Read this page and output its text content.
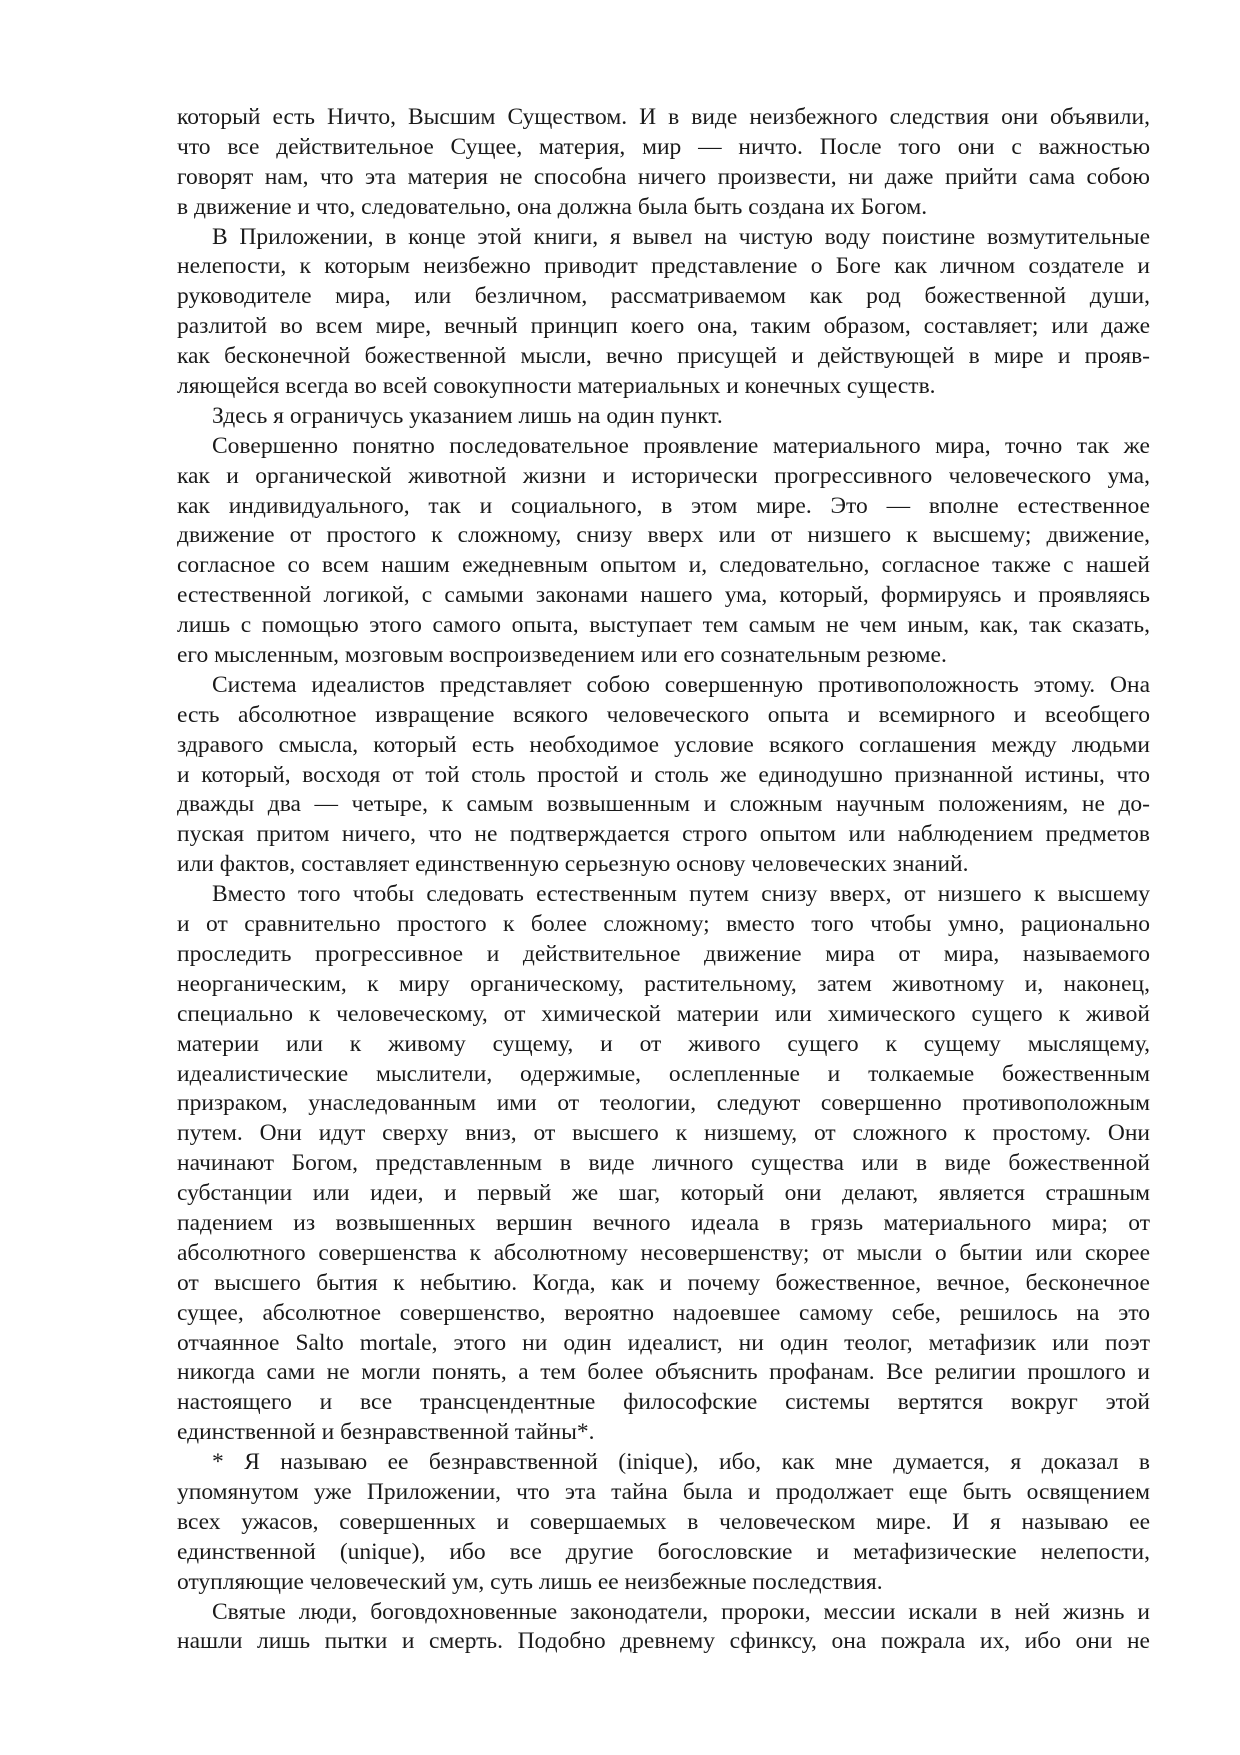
который есть Ничто, Высшим Существом. И в виде неизбежного следствия они объявили,
что все действительное Сущее, материя, мир — ничто. После того они с важностью
говорят нам, что эта материя не способна ничего произвести, ни даже прийти сама собою
в движение и что, следовательно, она должна была быть создана их Богом.
В Приложении, в конце этой книги, я вывел на чистую воду поистине возмутительные
нелепости, к которым неизбежно приводит представление о Боге как личном создателе и
руководителе мира, или безличном, рассматриваемом как род божественной души,
разлитой во всем мире, вечный принцип коего она, таким образом, составляет; или даже
как бесконечной божественной мысли, вечно присущей и действующей в мире и прояв-
ляющейся всегда во всей совокупности материальных и конечных существ.
Здесь я ограничусь указанием лишь на один пункт.
Совершенно понятно последовательное проявление материального мира, точно так же
как и органической животной жизни и исторически прогрессивного человеческого ума,
как индивидуального, так и социального, в этом мире. Это — вполне естественное
движение от простого к сложному, снизу вверх или от низшего к высшему; движение,
согласное со всем нашим ежедневным опытом и, следовательно, согласное также с нашей
естественной логикой, с самыми законами нашего ума, который, формируясь и проявляясь
лишь с помощью этого самого опыта, выступает тем самым не чем иным, как, так сказать,
его мысленным, мозговым воспроизведением или его сознательным резюме.
Система идеалистов представляет собою совершенную противоположность этому. Она
есть абсолютное извращение всякого человеческого опыта и всемирного и всеобщего
здравого смысла, который есть необходимое условие всякого соглашения между людьми
и который, восходя от той столь простой и столь же единодушно признанной истины, что
дважды два — четыре, к самым возвышенным и сложным научным положениям, не до-
пуская притом ничего, что не подтверждается строго опытом или наблюдением предметов
или фактов, составляет единственную серьезную основу человеческих знаний.
Вместо того чтобы следовать естественным путем снизу вверх, от низшего к высшему
и от сравнительно простого к более сложному; вместо того чтобы умно, рационально
проследить прогрессивное и действительное движение мира от мира, называемого
неорганическим, к миру органическому, растительному, затем животному и, наконец,
специально к человеческому, от химической материи или химического сущего к живой
материи или к живому сущему, и от живого сущего к сущему мыслящему,
идеалистические мыслители, одержимые, ослепленные и толкаемые божественным
призраком, унаследованным ими от теологии, следуют совершенно противоположным
путем. Они идут сверху вниз, от высшего к низшему, от сложного к простому. Они
начинают Богом, представленным в виде личного существа или в виде божественной
субстанции или идеи, и первый же шаг, который они делают, является страшным
падением из возвышенных вершин вечного идеала в грязь материального мира; от
абсолютного совершенства к абсолютному несовершенству; от мысли о бытии или скорее
от высшего бытия к небытию. Когда, как и почему божественное, вечное, бесконечное
сущее, абсолютное совершенство, вероятно надоевшее самому себе, решилось на это
отчаянное Salto mortale, этого ни один идеалист, ни один теолог, метафизик или поэт
никогда сами не могли понять, а тем более объяснить профанам. Все религии прошлого и
настоящего и все трансцендентные философские системы вертятся вокруг этой
единственной и безнравственной тайны*.
* Я называю ее безнравственной (inique), ибо, как мне думается, я доказал в
упомянутом уже Приложении, что эта тайна была и продолжает еще быть освящением
всех ужасов, совершенных и совершаемых в человеческом мире. И я называю ее
единственной (unique), ибо все другие богословские и метафизические нелепости,
отупляющие человеческий ум, суть лишь ее неизбежные последствия.
Святые люди, боговдохновенные законодатели, пророки, мессии искали в ней жизнь и
нашли лишь пытки и смерть. Подобно древнему сфинксу, она пожрала их, ибо они не
